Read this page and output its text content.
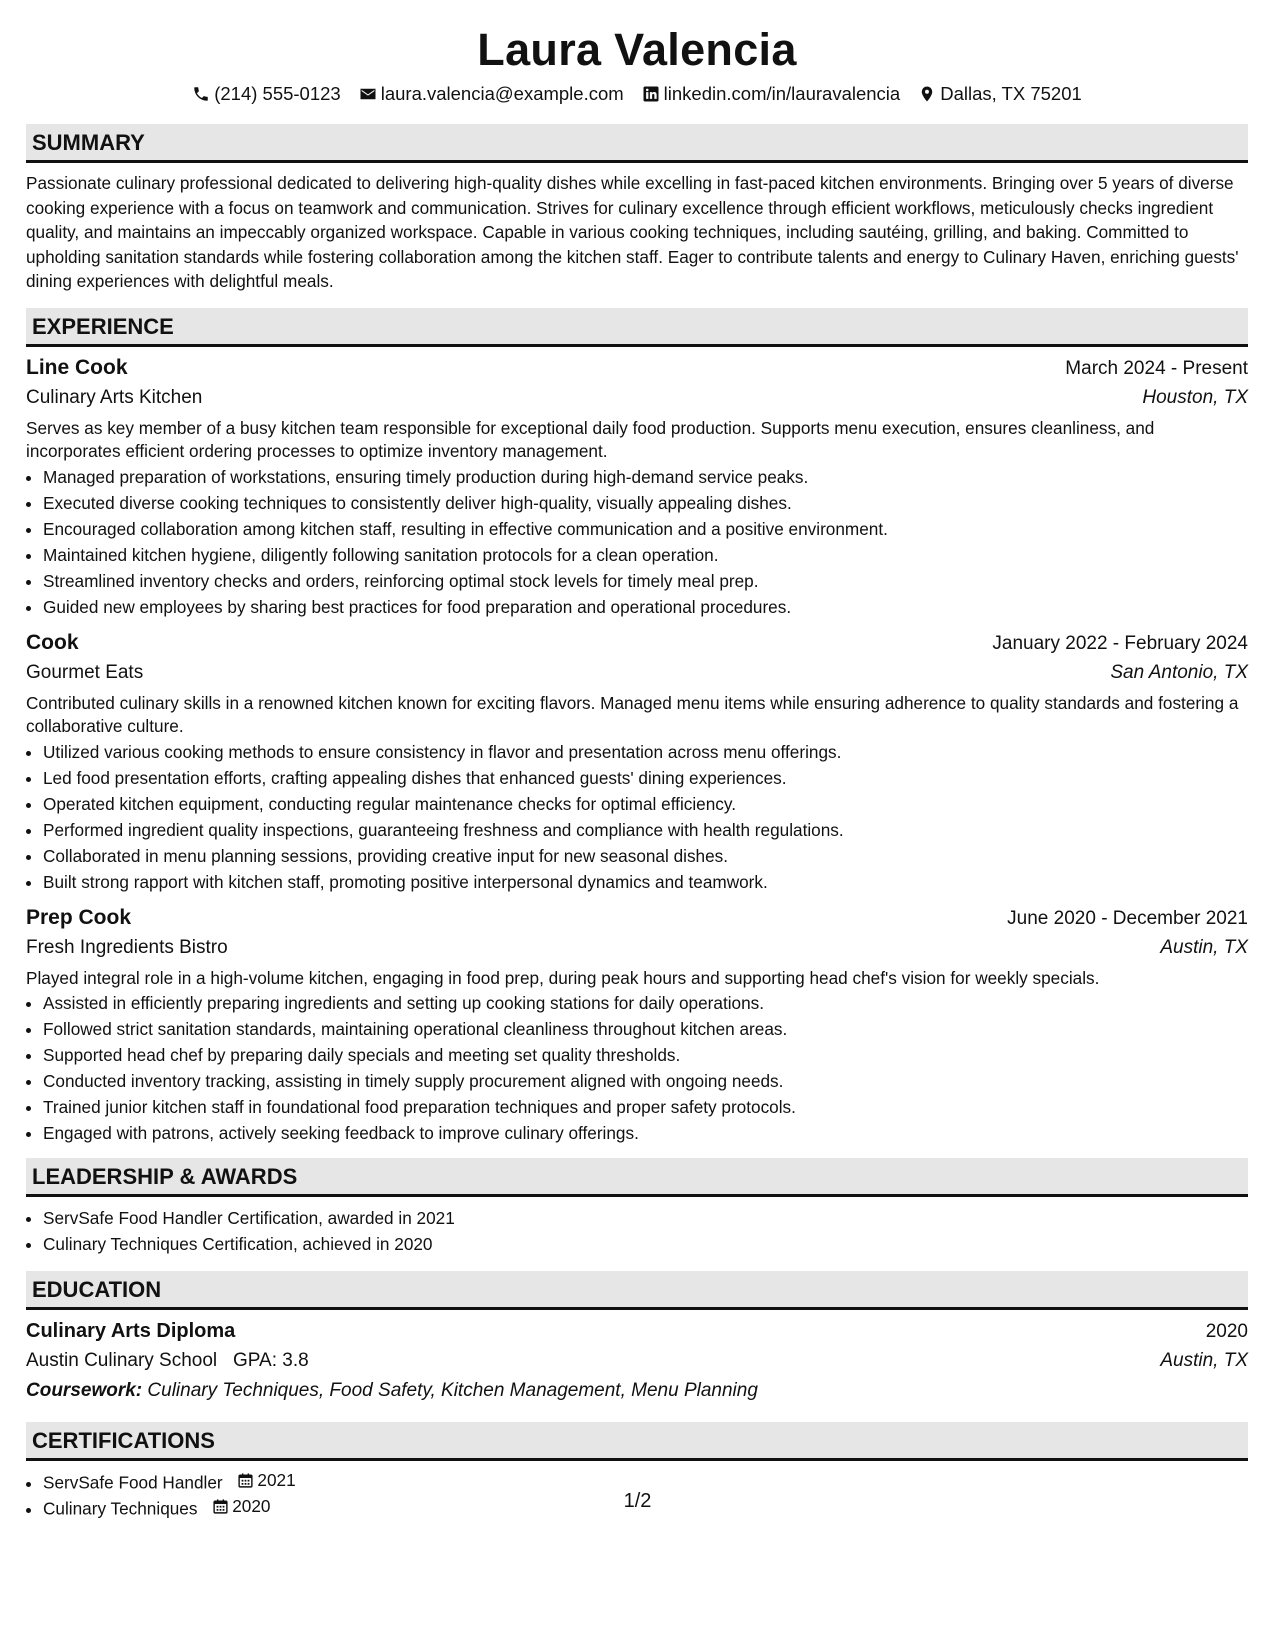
Laura Valencia
(214) 555-0123 laura.valencia@example.com linkedin.com/in/lauravalencia Dallas, TX 75201
SUMMARY
Passionate culinary professional dedicated to delivering high-quality dishes while excelling in fast-paced kitchen environments. Bringing over 5 years of diverse cooking experience with a focus on teamwork and communication. Strives for culinary excellence through efficient workflows, meticulously checks ingredient quality, and maintains an impeccably organized workspace. Capable in various cooking techniques, including sautéing, grilling, and baking. Committed to upholding sanitation standards while fostering collaboration among the kitchen staff. Eager to contribute talents and energy to Culinary Haven, enriching guests' dining experiences with delightful meals.
EXPERIENCE
Line Cook	March 2024 - Present
Culinary Arts Kitchen	Houston, TX
Serves as key member of a busy kitchen team responsible for exceptional daily food production. Supports menu execution, ensures cleanliness, and incorporates efficient ordering processes to optimize inventory management.
• Managed preparation of workstations, ensuring timely production during high-demand service peaks.
• Executed diverse cooking techniques to consistently deliver high-quality, visually appealing dishes.
• Encouraged collaboration among kitchen staff, resulting in effective communication and a positive environment.
• Maintained kitchen hygiene, diligently following sanitation protocols for a clean operation.
• Streamlined inventory checks and orders, reinforcing optimal stock levels for timely meal prep.
• Guided new employees by sharing best practices for food preparation and operational procedures.
Cook	January 2022 - February 2024
Gourmet Eats	San Antonio, TX
Contributed culinary skills in a renowned kitchen known for exciting flavors. Managed menu items while ensuring adherence to quality standards and fostering a collaborative culture.
• Utilized various cooking methods to ensure consistency in flavor and presentation across menu offerings.
• Led food presentation efforts, crafting appealing dishes that enhanced guests' dining experiences.
• Operated kitchen equipment, conducting regular maintenance checks for optimal efficiency.
• Performed ingredient quality inspections, guaranteeing freshness and compliance with health regulations.
• Collaborated in menu planning sessions, providing creative input for new seasonal dishes.
• Built strong rapport with kitchen staff, promoting positive interpersonal dynamics and teamwork.
Prep Cook	June 2020 - December 2021
Fresh Ingredients Bistro	Austin, TX
Played integral role in a high-volume kitchen, engaging in food prep, during peak hours and supporting head chef's vision for weekly specials.
• Assisted in efficiently preparing ingredients and setting up cooking stations for daily operations.
• Followed strict sanitation standards, maintaining operational cleanliness throughout kitchen areas.
• Supported head chef by preparing daily specials and meeting set quality thresholds.
• Conducted inventory tracking, assisting in timely supply procurement aligned with ongoing needs.
• Trained junior kitchen staff in foundational food preparation techniques and proper safety protocols.
• Engaged with patrons, actively seeking feedback to improve culinary offerings.
LEADERSHIP & AWARDS
• ServSafe Food Handler Certification, awarded in 2021
• Culinary Techniques Certification, achieved in 2020
EDUCATION
Culinary Arts Diploma	2020
Austin Culinary School GPA: 3.8	Austin, TX
Coursework: Culinary Techniques, Food Safety, Kitchen Management, Menu Planning
CERTIFICATIONS
• ServSafe Food Handler 2021
• Culinary Techniques 2020	1/2
